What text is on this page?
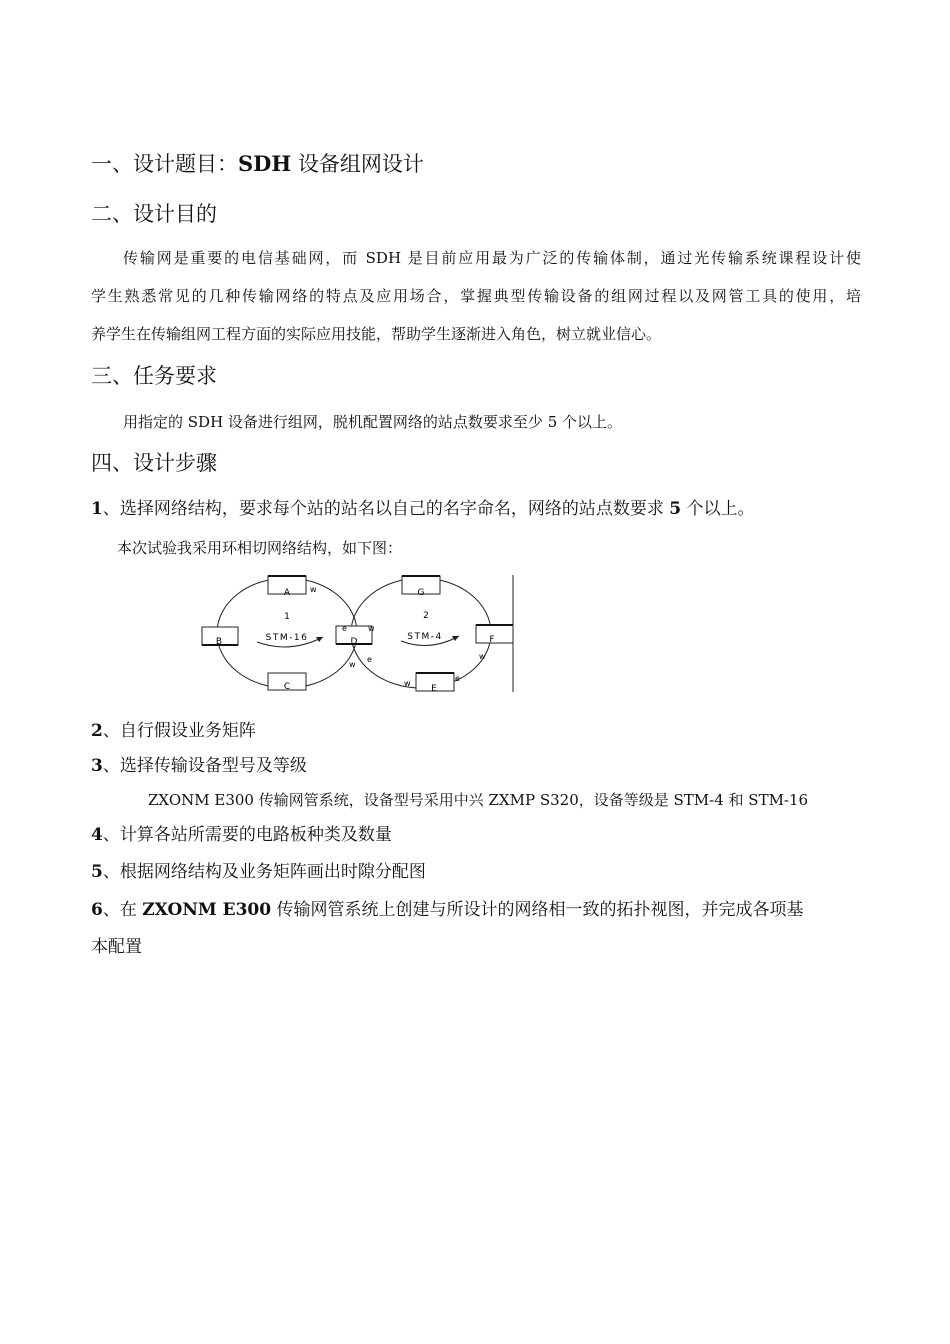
一、设计题目：SDH 设备组网设计
二、设计目的
传输网是重要的电信基础网，而 SDH 是目前应用最为广泛的传输体制，通过光传输系统课程设计使
学生熟悉常见的几种传输网络的特点及应用场合，掌握典型传输设备的组网过程以及网管工具的使用，培
养学生在传输组网工程方面的实际应用技能，帮助学生逐渐进入角色，树立就业信心。
三、任务要求
用指定的 SDH 设备进行组网，脱机配置网络的站点数要求至少 5 个以上。
四、设计步骤
1、选择网络结构，要求每个站的站名以自己的名字命名，网络的站点数要求 5 个以上。
本次试验我采用环相切网络结构，如下图：
A
B
C
D
G
F
E
1	2
STM-16	STM-4
w
e	w
w
e	w
w
e
2、自行假设业务矩阵
3、选择传输设备型号及等级
ZXONM E300 传输网管系统，设备型号采用中兴 ZXMP S320，设备等级是 STM-4 和 STM-16
4、计算各站所需要的电路板种类及数量
5、根据网络结构及业务矩阵画出时隙分配图
6、在 ZXONM E300 传输网管系统上创建与所设计的网络相一致的拓扑视图，并完成各项基
本配置
